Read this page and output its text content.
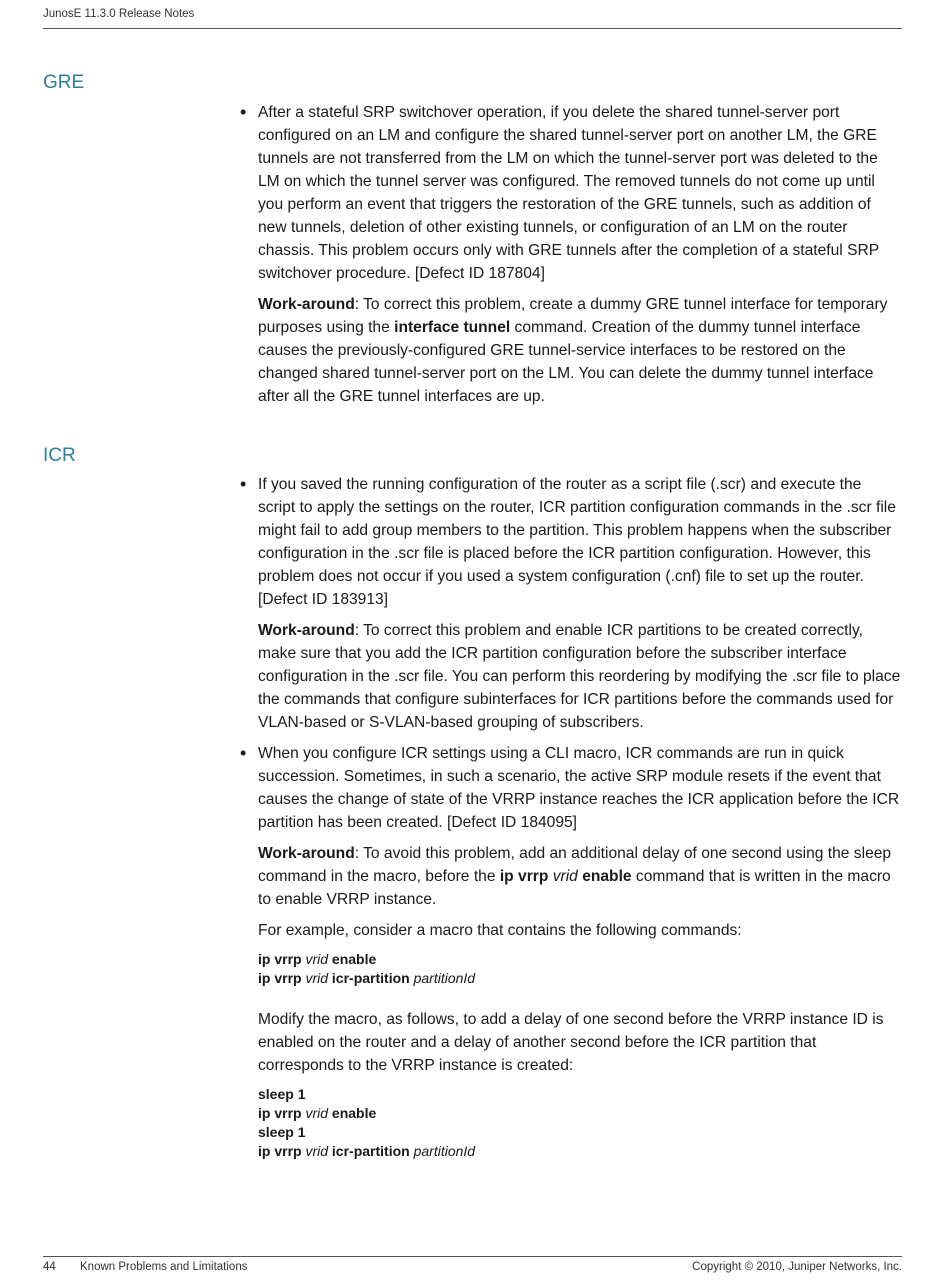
JunosE 11.3.0 Release Notes
GRE

• After a stateful SRP switchover operation, if you delete the shared tunnel-server port configured on an LM and configure the shared tunnel-server port on another LM, the GRE tunnels are not transferred from the LM on which the tunnel-server port was deleted to the LM on which the tunnel server was configured. The removed tunnels do not come up until you perform an event that triggers the restoration of the GRE tunnels, such as addition of new tunnels, deletion of other existing tunnels, or configuration of an LM on the router chassis. This problem occurs only with GRE tunnels after the completion of a stateful SRP switchover procedure. [Defect ID 187804]

Work-around: To correct this problem, create a dummy GRE tunnel interface for temporary purposes using the interface tunnel command. Creation of the dummy tunnel interface causes the previously-configured GRE tunnel-service interfaces to be restored on the changed shared tunnel-server port on the LM. You can delete the dummy tunnel interface after all the GRE tunnel interfaces are up.

ICR

• If you saved the running configuration of the router as a script file (.scr) and execute the script to apply the settings on the router, ICR partition configuration commands in the .scr file might fail to add group members to the partition. This problem happens when the subscriber configuration in the .scr file is placed before the ICR partition configuration. However, this problem does not occur if you used a system configuration (.cnf) file to set up the router. [Defect ID 183913]

Work-around: To correct this problem and enable ICR partitions to be created correctly, make sure that you add the ICR partition configuration before the subscriber interface configuration in the .scr file. You can perform this reordering by modifying the .scr file to place the commands that configure subinterfaces for ICR partitions before the commands used for VLAN-based or S-VLAN-based grouping of subscribers.

• When you configure ICR settings using a CLI macro, ICR commands are run in quick succession. Sometimes, in such a scenario, the active SRP module resets if the event that causes the change of state of the VRRP instance reaches the ICR application before the ICR partition has been created. [Defect ID 184095]

Work-around: To avoid this problem, add an additional delay of one second using the sleep command in the macro, before the ip vrrp vrid enable command that is written in the macro to enable VRRP instance.

For example, consider a macro that contains the following commands:

ip vrrp vrid enable
ip vrrp vrid icr-partition partitionId

Modify the macro, as follows, to add a delay of one second before the VRRP instance ID is enabled on the router and a delay of another second before the ICR partition that corresponds to the VRRP instance is created:

sleep 1
ip vrrp vrid enable
sleep 1
ip vrrp vrid icr-partition partitionId
44 Known Problems and Limitations	Copyright © 2010, Juniper Networks, Inc.
